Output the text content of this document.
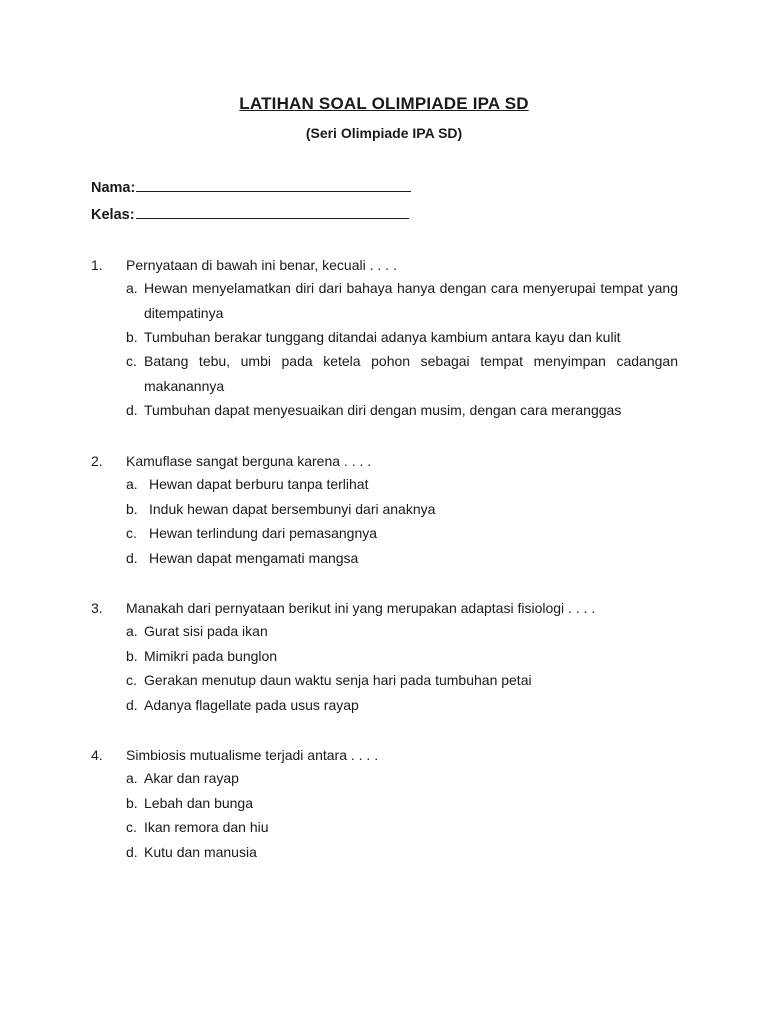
LATIHAN SOAL OLIMPIADE IPA SD
(Seri Olimpiade IPA SD)
Nama:
Kelas:
1. Pernyataan di bawah ini benar, kecuali . . . .
a. Hewan menyelamatkan diri dari bahaya hanya dengan cara menyerupai tempat yang ditempatinya
b. Tumbuhan berakar tunggang ditandai adanya kambium antara kayu dan kulit
c. Batang tebu, umbi pada ketela pohon sebagai tempat menyimpan cadangan makanannya
d. Tumbuhan dapat menyesuaikan diri dengan musim, dengan cara meranggas
2. Kamuflase sangat berguna karena . . . .
a. Hewan dapat berburu tanpa terlihat
b. Induk hewan dapat bersembunyi dari anaknya
c. Hewan terlindung dari pemasangnya
d. Hewan dapat mengamati mangsa
3. Manakah dari pernyataan berikut ini yang merupakan adaptasi fisiologi . . . .
a. Gurat sisi pada ikan
b. Mimikri pada bunglon
c. Gerakan menutup daun waktu senja hari pada tumbuhan petai
d. Adanya flagellate pada usus rayap
4. Simbiosis mutualisme terjadi antara . . . .
a. Akar dan rayap
b. Lebah dan bunga
c. Ikan remora dan hiu
d. Kutu dan manusia
